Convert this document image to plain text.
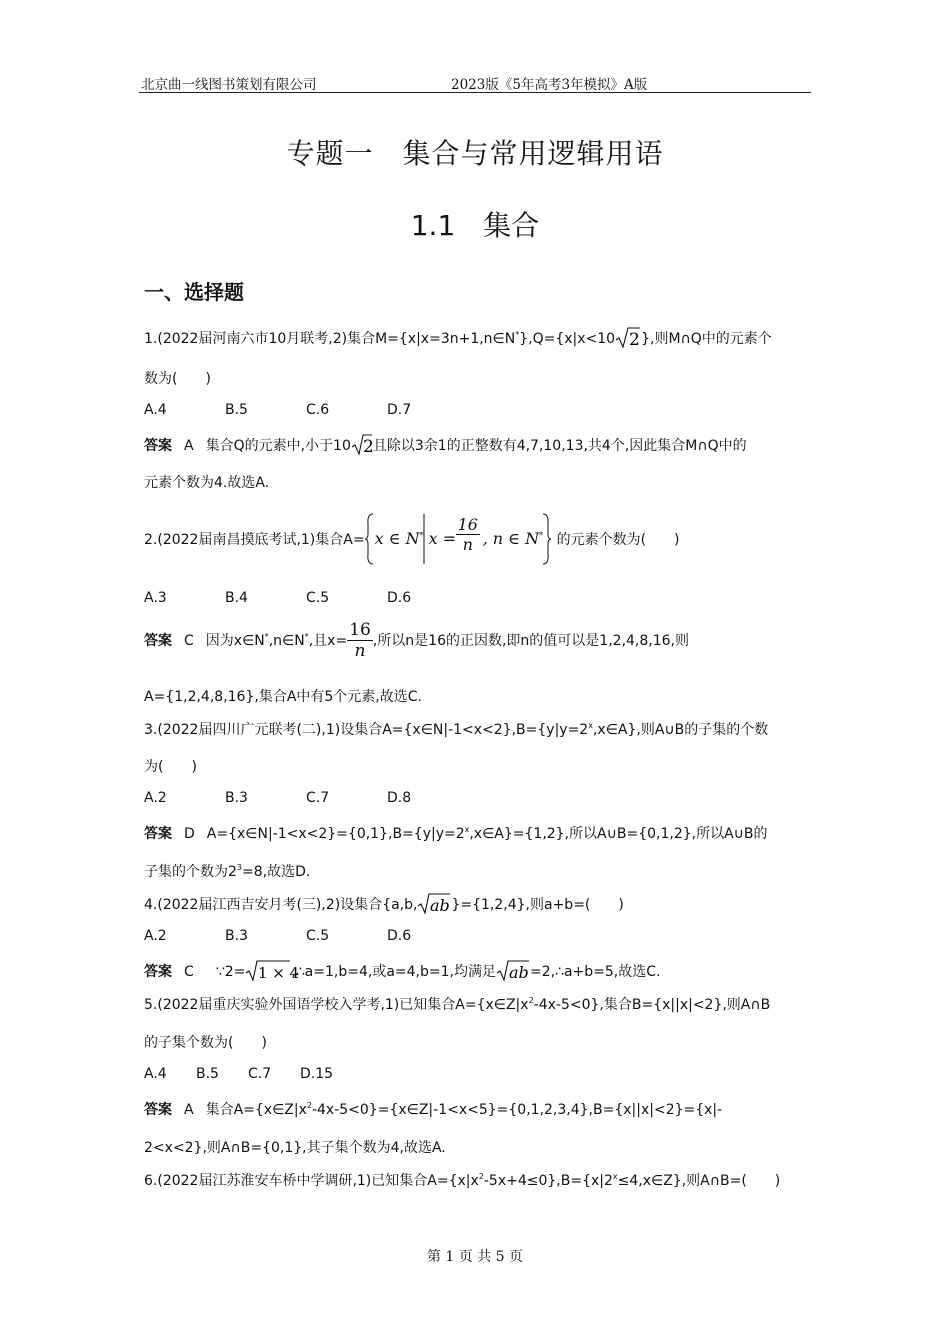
北京曲一线图书策划有限公司	2023版《5年高考3年模拟》A版
专题一　集合与常用逻辑用语
1.1　集合
一、选择题
1.(2022届河南六市10月联考,2)集合M={x|x=3n+1,n∈N*},Q={x|x<10 2 },则M∩Q中的元素个
数为(　　)
A.4	B.5	C.6	D.7
答案 A 集合Q的元素中,小于10 2 且除以3余1的正整数有4,7,10,13,共4个,因此集合M∩Q中的
元素个数为4.故选A.
2.(2022届南昌摸底考试,1)集合A= x ∈ N* $x = \frac{16}{n}$ , n ∈ N* 的元素个数为(　　)
A.3	B.4	C.5	D.6
答案 C 因为x∈N*,n∈N*,且$x= \frac{16}{n}$ ,所以n是16的正因数,即n的值可以是1,2,4,8,16,则
A={1,2,4,8,16},集合A中有5个元素,故选C.
3.(2022届四川广元联考(二),1)设集合$A=\{x\in N|-1<x<2\},B=\{y|y=2^x,x\in A\}$,则A∪B的子集的个数
为(　　)
A.2	B.3	C.7	D.8
答案 D $A=\{x\in N|-1<x<2\}=\{0,1\},B=\{y|y=2^x,x\in A\}=\{1,2\}$,所以A∪B={0,1,2},所以A∪B的
子集的个数为$2^3=8$,故选D.
4.(2022届江西吉安月考(三),2)设集合{a,b, ab }={1,2,4},则a+b=(　　)
A.2	B.3	C.5	D.6
答案 C ∵2= 1 × 4
,∴a=1,b=4,或a=4,b=1,均满足 ab =2,∴a+b=5,故选C.
5.(2022届重庆实验外国语学校入学考,1)已知集合$A=\{x\in Z|x^2-4x-5<0\}$,集合B={x||x|<2},则A∩B
的子集个数为(　　)
A.4 B.5 C.7 D.15
答案 A 集合$A=\{x\in Z|x^2-4x-5<0\}=\{x\in Z|-1<x<5\}=\{0,1,2,3,4\},B=\{x||x|<2\}=\{x|-$
2<x<2},则A∩B={0,1},其子集个数为4,故选A.
6.(2022届江苏淮安车桥中学调研,1)已知集合$A=\{x|x^2-5x+4\le 0\},B=\{x|2^x\le 4,x\in Z\}$,则A∩B=(　　)
第 1 页 共 5 页
